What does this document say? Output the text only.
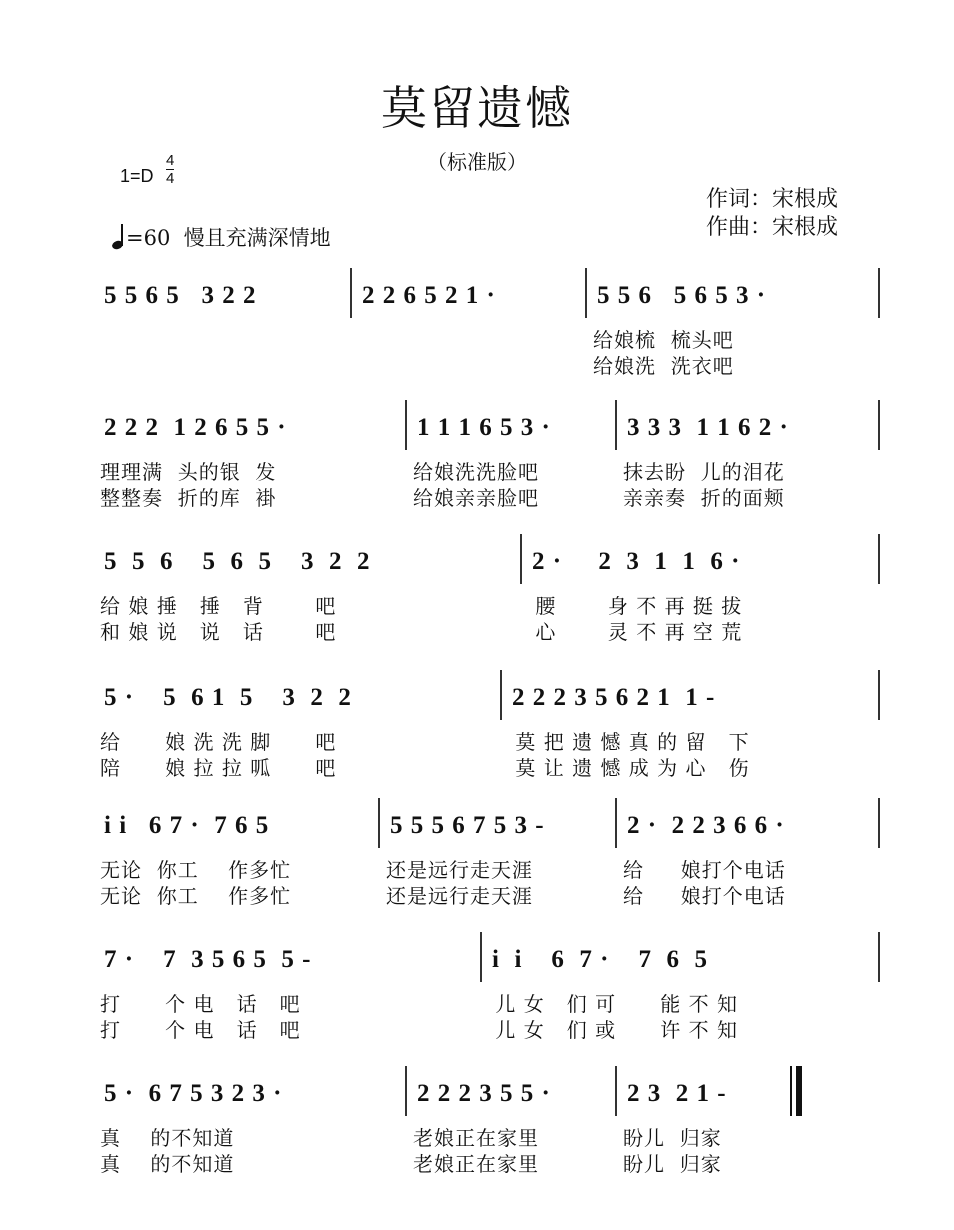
莫留遗憾
（标准版）
1=D
4
4
=60 慢且充满深情地
作词：宋根成
作曲：宋根成
5 5 6 5   3 2 2	2 2 6 5 2 1 ·	5 5 6   5 6 5 3 ·
给娘梳  梳头吧
给娘洗  洗衣吧
2 2 2  1 2 6 5 5 ·
理理满  头的银  发
整整奏  折的库  褂
1 1 1 6 5 3 ·
给娘洗洗脸吧
给娘亲亲脸吧
3 3 3  1 1 6 2 ·
抹去盼  儿的泪花
亲亲奏  折的面颊
5  5  6    5  6  5    3  2  2
给 娘 捶   捶   背       吧
和 娘 说   说   话       吧
2 ·     2  3  1  1  6 ·
腰       身 不 再 挺 拔
心       灵 不 再 空 荒
5 ·    5  6 1  5    3  2  2
给      娘 洗 洗 脚      吧
陪      娘 拉 拉 呱      吧
2 2 2 3 5 6 2 1  1 -
莫 把 遗 憾 真 的 留   下
莫 让 遗 憾 成 为 心   伤
i i   6 7 ·  7 6 5
无论  你工    作多忙
无论  你工    作多忙
5 5 5 6 7 5 3 -
还是远行走天涯
还是远行走天涯
2 ·  2 2 3 6 6 ·
给     娘打个电话
给     娘打个电话
7 ·    7  3 5 6 5  5 -
打      个 电   话   吧
打      个 电   话   吧
i  i    6  7 ·    7  6  5
儿 女   们 可      能 不 知
儿 女   们 或      许 不 知
5 ·  6 7 5 3 2 3 ·
真    的不知道
真    的不知道
2 2 2 3 5 5 ·
老娘正在家里
老娘正在家里
2 3  2 1 -
盼儿  归家
盼儿  归家
